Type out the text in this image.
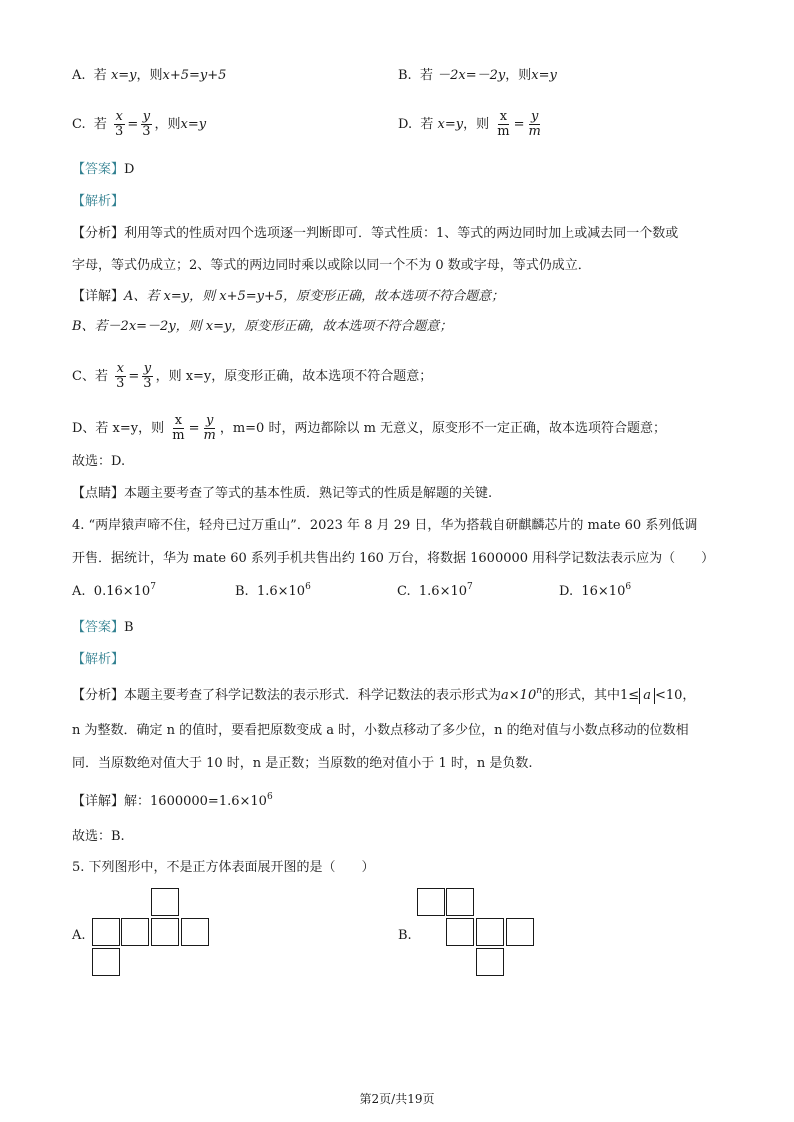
A. 若 x=y，则x+5=y+5	B. 若 －2x=－2y，则x=y
C. 若 $\frac{x}{3} = \frac{y}{3}$ ，则x=y	D. 若 x=y，则 $\frac{x}{m} = \frac{y}{m}$
【答案】D
【解析】
【分析】利用等式的性质对四个选项逐一判断即可．等式性质：1、等式的两边同时加上或减去同一个数或
字母，等式仍成立；2、等式的两边同时乘以或除以同一个不为 0 数或字母，等式仍成立．
【详解】A、若 x=y，则 x+5=y+5，原变形正确，故本选项不符合题意；
B、若－2x=－2y，则 x=y，原变形正确，故本选项不符合题意；
C、若 $\frac{x}{3} = \frac{y}{3}$ ，则 x=y，原变形正确，故本选项不符合题意；
D、若 x=y，则 $\frac{x}{m} = \frac{y}{m}$ ，m=0 时，两边都除以 m 无意义，原变形不一定正确，故本选项符合题意；
故选：D.
【点睛】本题主要考查了等式的基本性质．熟记等式的性质是解题的关键.
4. “两岸猿声啼不住，轻舟已过万重山”．2023 年 8 月 29 日，华为搭载自研麒麟芯片的 mate 60 系列低调
开售．据统计，华为 mate 60 系列手机共售出约 160 万台，将数据 1600000 用科学记数法表示应为（　　）
A. $0.16\times 10^7$	B. $1.6\times 10^6$	C. $1.6\times 10^7$	D. $16\times 10^6$
【答案】B
【解析】
【分析】本题主要考查了科学记数法的表示形式．科学记数法的表示形式为$a\times 10^n$的形式，其中1≤ a <10，
n 为整数．确定 n 的值时，要看把原数变成 a 时，小数点移动了多少位，n 的绝对值与小数点移动的位数相
同．当原数绝对值大于 10 时，n 是正数；当原数的绝对值小于 1 时，n 是负数.
【详解】解：$1600000=1.6\times 10^6$
故选：B.
5. 下列图形中，不是正方体表面展开图的是（　　）
A.	B.
第2页/共19页
